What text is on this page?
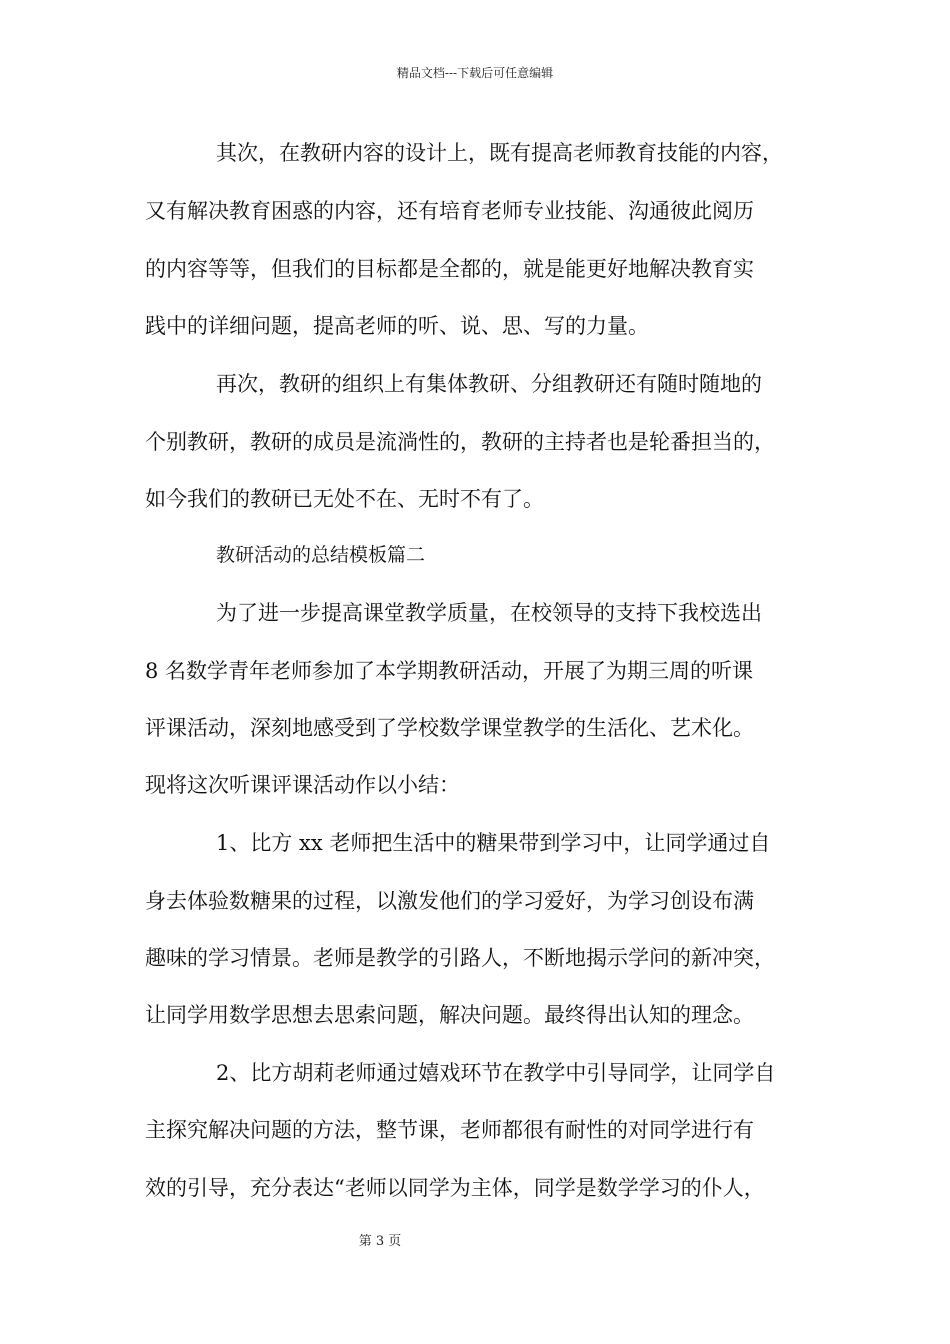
精品文档---下载后可任意编辑
其次，在教研内容的设计上，既有提高老师教育技能的内容，
又有解决教育困惑的内容，还有培育老师专业技能、沟通彼此阅历
的内容等等，但我们的目标都是全都的，就是能更好地解决教育实
践中的详细问题，提高老师的听、说、思、写的力量。
再次，教研的组织上有集体教研、分组教研还有随时随地的
个别教研，教研的成员是流淌性的，教研的主持者也是轮番担当的，
如今我们的教研已无处不在、无时不有了。
教研活动的总结模板篇二
为了进一步提高课堂教学质量，在校领导的支持下我校选出
8 名数学青年老师参加了本学期教研活动，开展了为期三周的听课
评课活动，深刻地感受到了学校数学课堂教学的生活化、艺术化。
现将这次听课评课活动作以小结：
1、比方 xx 老师把生活中的糖果带到学习中，让同学通过自
身去体验数糖果的过程，以激发他们的学习爱好，为学习创设布满
趣味的学习情景。老师是教学的引路人，不断地揭示学问的新冲突，
让同学用数学思想去思索问题，解决问题。最终得出认知的理念。
2、比方胡莉老师通过嬉戏环节在教学中引导同学，让同学自
主探究解决问题的方法，整节课，老师都很有耐性的对同学进行有
效的引导，充分表达“老师以同学为主体，同学是数学学习的仆人，
第 3 页
